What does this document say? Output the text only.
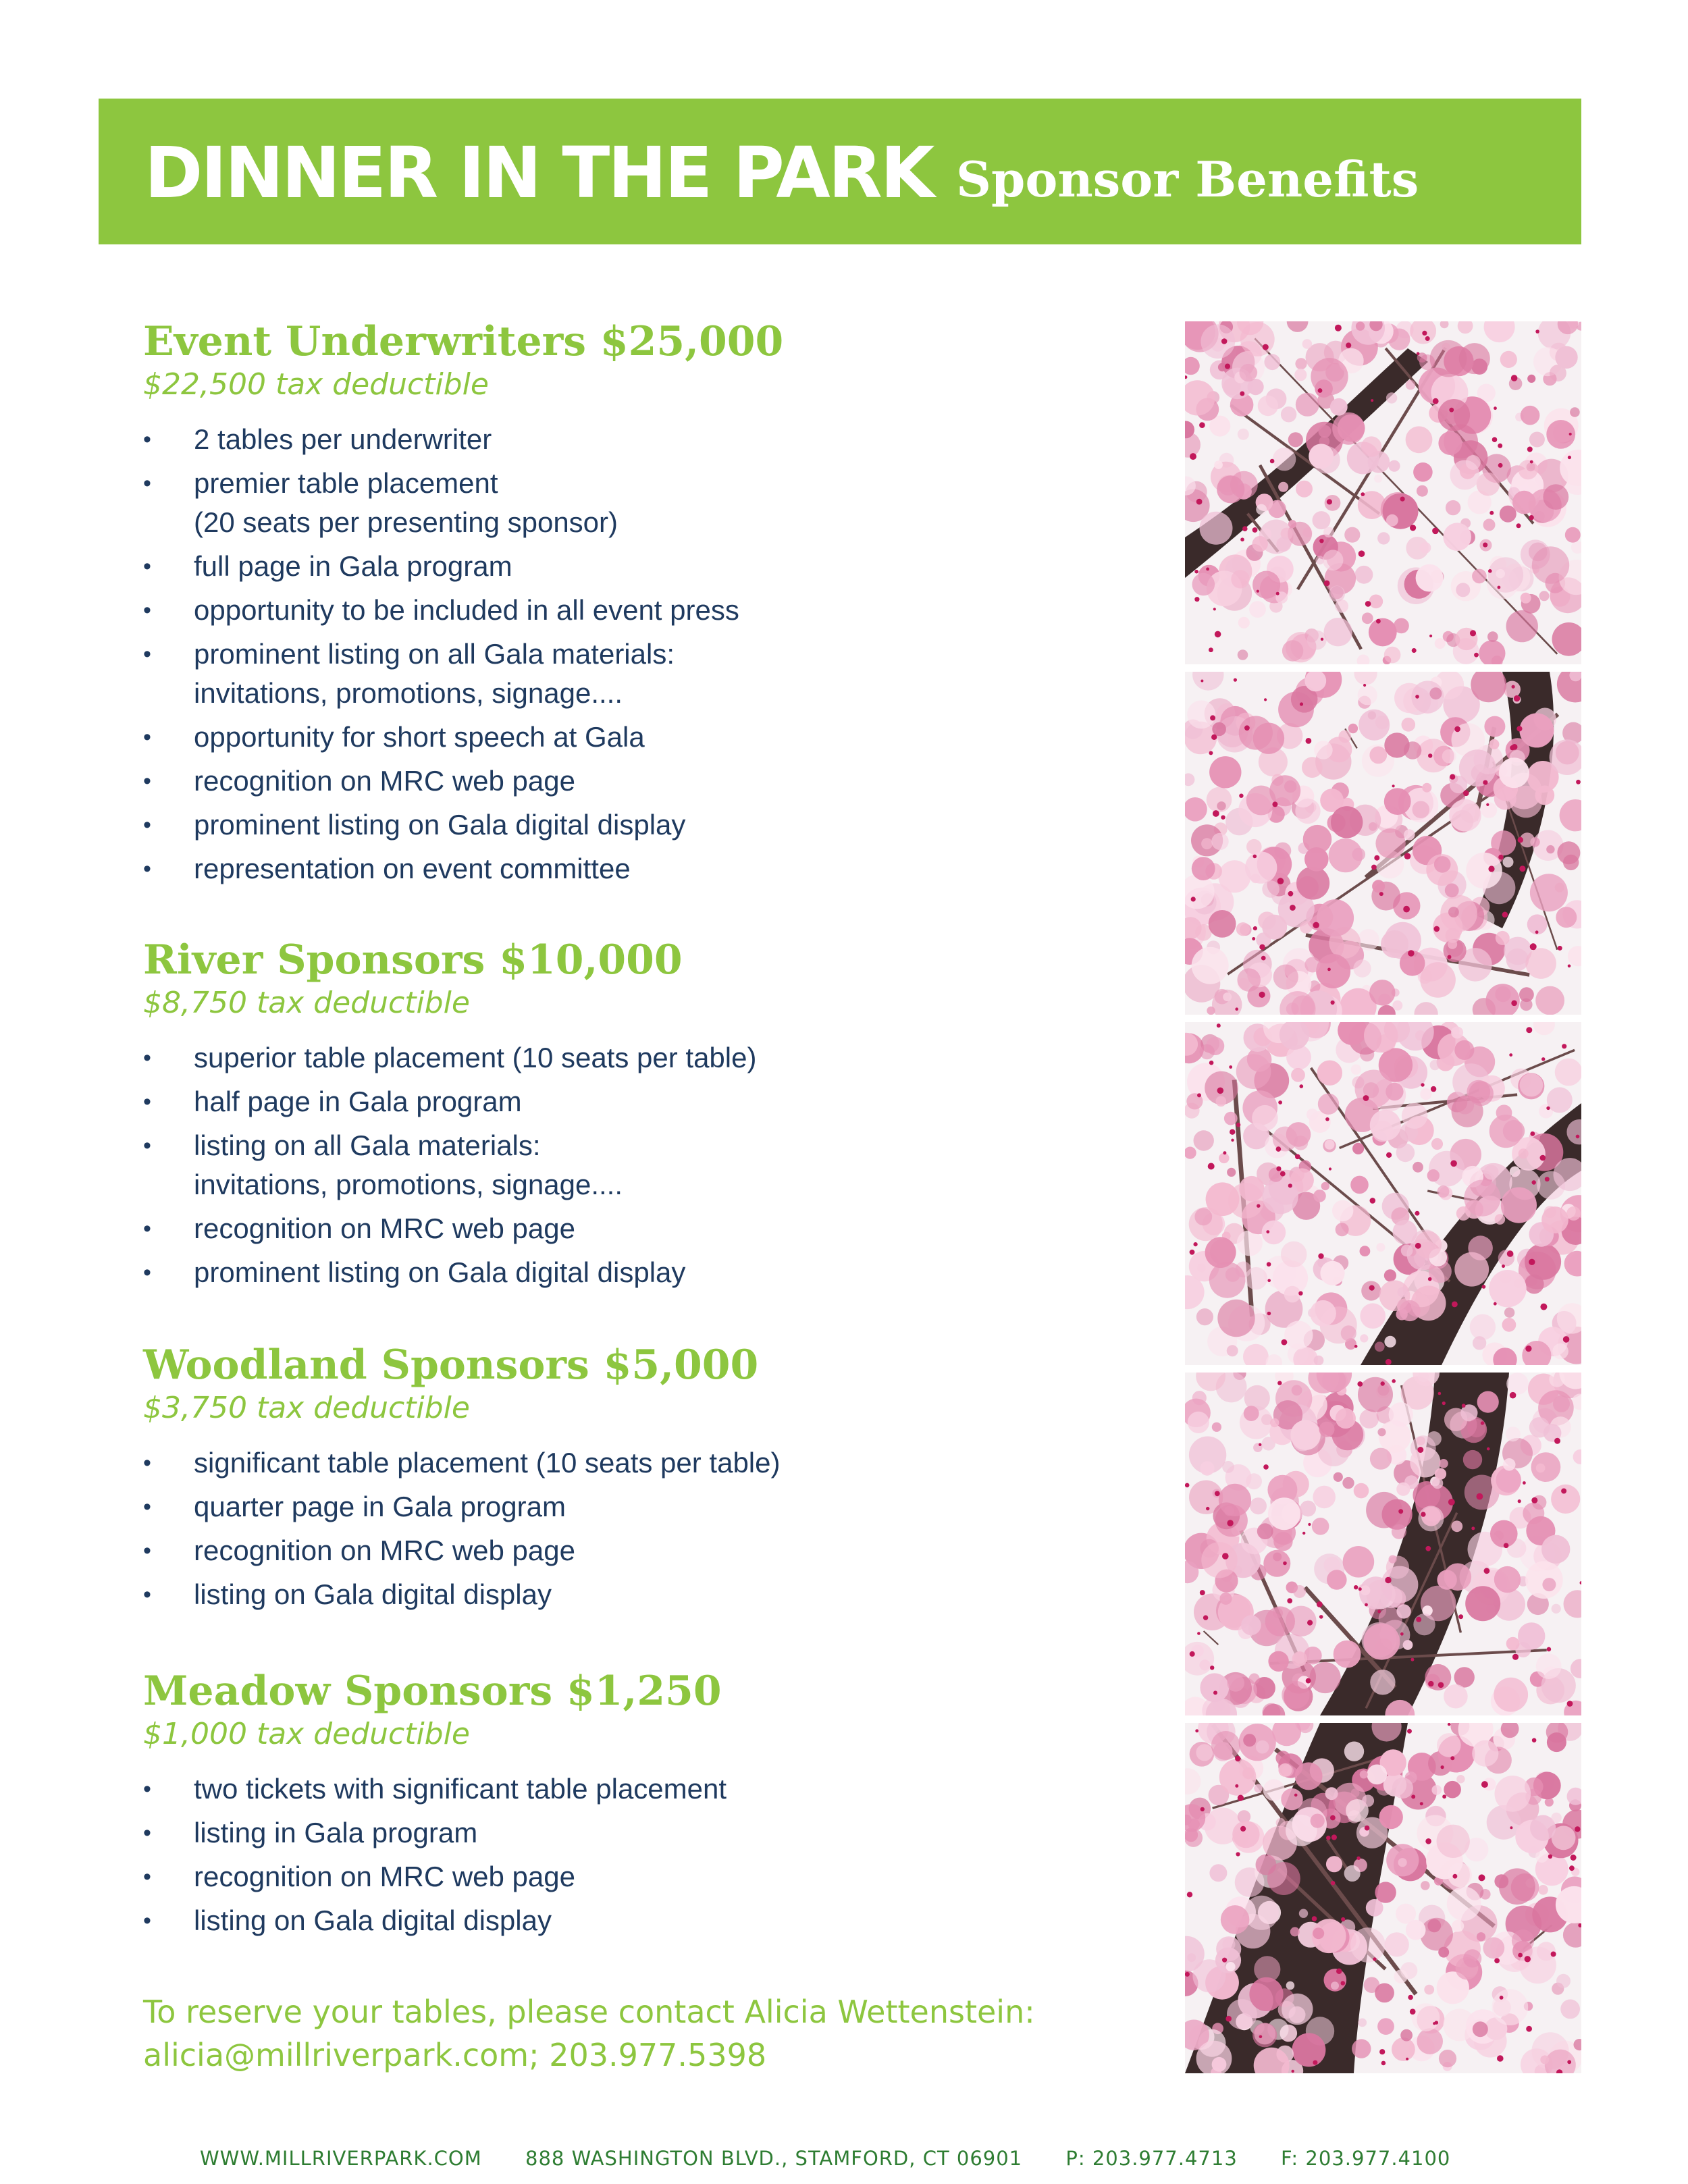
DINNER IN THE PARK Sponsor Benefits
Event Underwriters $25,000
$22,500 tax deductible
• 2 tables per underwriter
• premier table placement
(20 seats per presenting sponsor)
• full page in Gala program
• opportunity to be included in all event press
• prominent listing on all Gala materials:
invitations, promotions, signage....
• opportunity for short speech at Gala
• recognition on MRC web page
• prominent listing on Gala digital display
• representation on event committee
River Sponsors $10,000
$8,750 tax deductible
• superior table placement (10 seats per table)
• half page in Gala program
• listing on all Gala materials:
invitations, promotions, signage....
• recognition on MRC web page
• prominent listing on Gala digital display
Woodland Sponsors $5,000
$3,750 tax deductible
• significant table placement (10 seats per table)
• quarter page in Gala program
• recognition on MRC web page
• listing on Gala digital display
Meadow Sponsors $1,250
$1,000 tax deductible
• two tickets with significant table placement
• listing in Gala program
• recognition on MRC web page
• listing on Gala digital display
To reserve your tables, please contact Alicia Wettenstein:
alicia@millriverpark.com; 203.977.5398
WWW.MILLRIVERPARK.COM 888 WASHINGTON BLVD., STAMFORD, CT 06901 P: 203.977.4713 F: 203.977.4100
